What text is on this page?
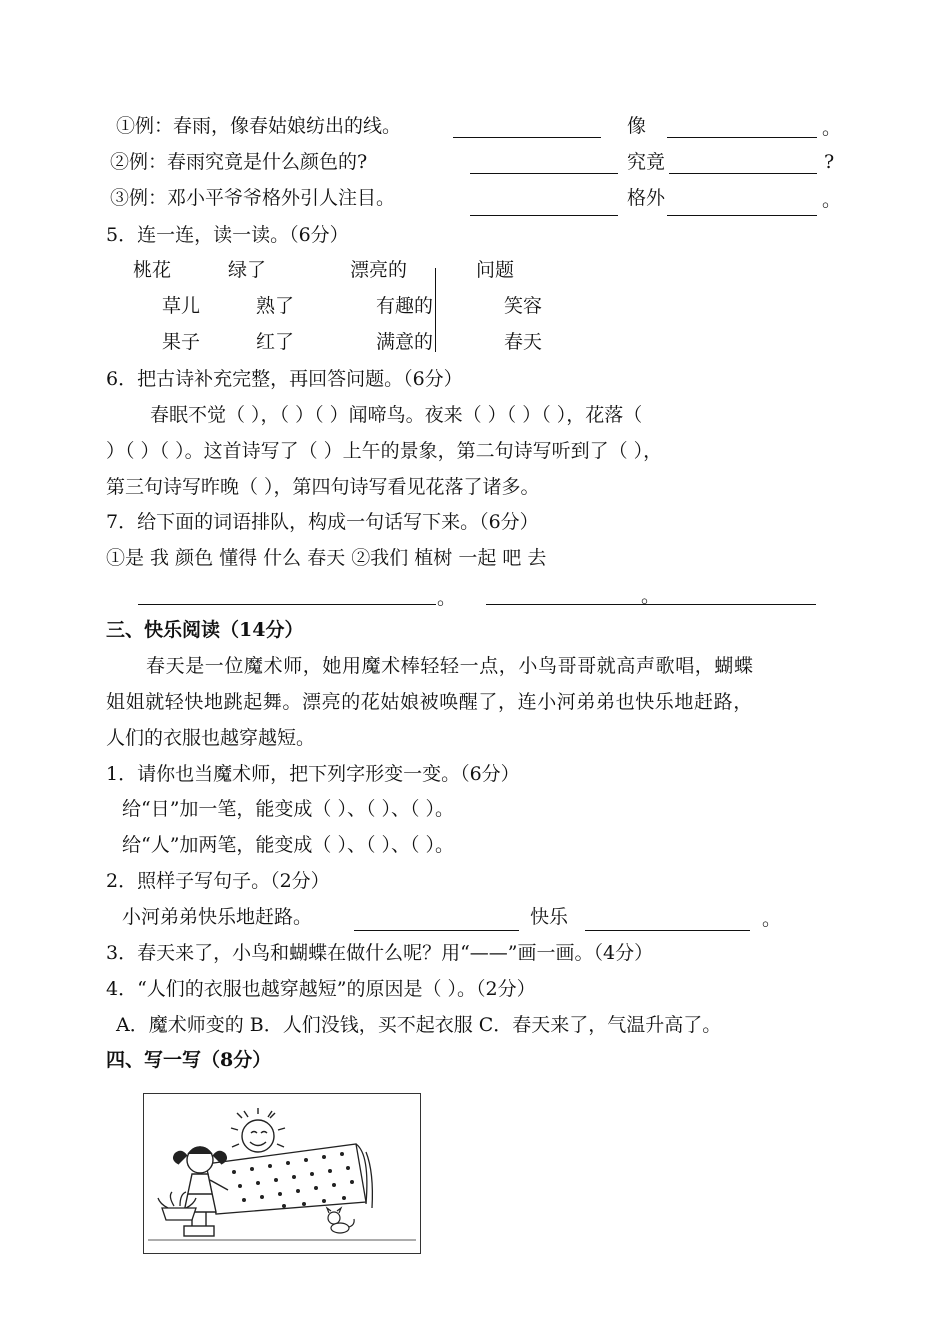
①例：春雨，像春姑娘纺出的线。	像	。
②例：春雨究竟是什么颜色的?	究竟	?
③例：邓小平爷爷格外引人注目。	格外	。
5．连一连，读一读。（6分）
桃花	绿了	漂亮的	问题
草儿	熟了	有趣的	笑容
果子	红了	满意的	春天
6．把古诗补充完整，再回答问题。（6分）
春眠不觉（ ），（ ）（ ）闻啼鸟。夜来（ ）（ ）（ ），花落（
）（ ）（ ）。这首诗写了（ ）上午的景象，第二句诗写听到了（ ），
第三句诗写昨晚（ ），第四句诗写看见花落了诸多。
7．给下面的词语排队，构成一句话写下来。（6分）
①是 我 颜色 懂得 什么 春天 ②我们 植树 一起 吧 去
。	。
三、快乐阅读（14分）
春天是一位魔术师，她用魔术棒轻轻一点，小鸟哥哥就高声歌唱，蝴蝶
姐姐就轻快地跳起舞。漂亮的花姑娘被唤醒了，连小河弟弟也快乐地赶路，
人们的衣服也越穿越短。
1．请你也当魔术师，把下列字形变一变。（6分）
给“日”加一笔，能变成（ ）、（ ）、（ ）。
给“人”加两笔，能变成（ ）、（ ）、（ ）。
2．照样子写句子。（2分）
小河弟弟快乐地赶路。	快乐	。
3．春天来了，小鸟和蝴蝶在做什么呢？用“——”画一画。（4分）
4．“人们的衣服也越穿越短”的原因是（ ）。（2分）
A．魔术师变的 B．人们没钱，买不起衣服 C．春天来了，气温升高了。
四、写一写（8分）
